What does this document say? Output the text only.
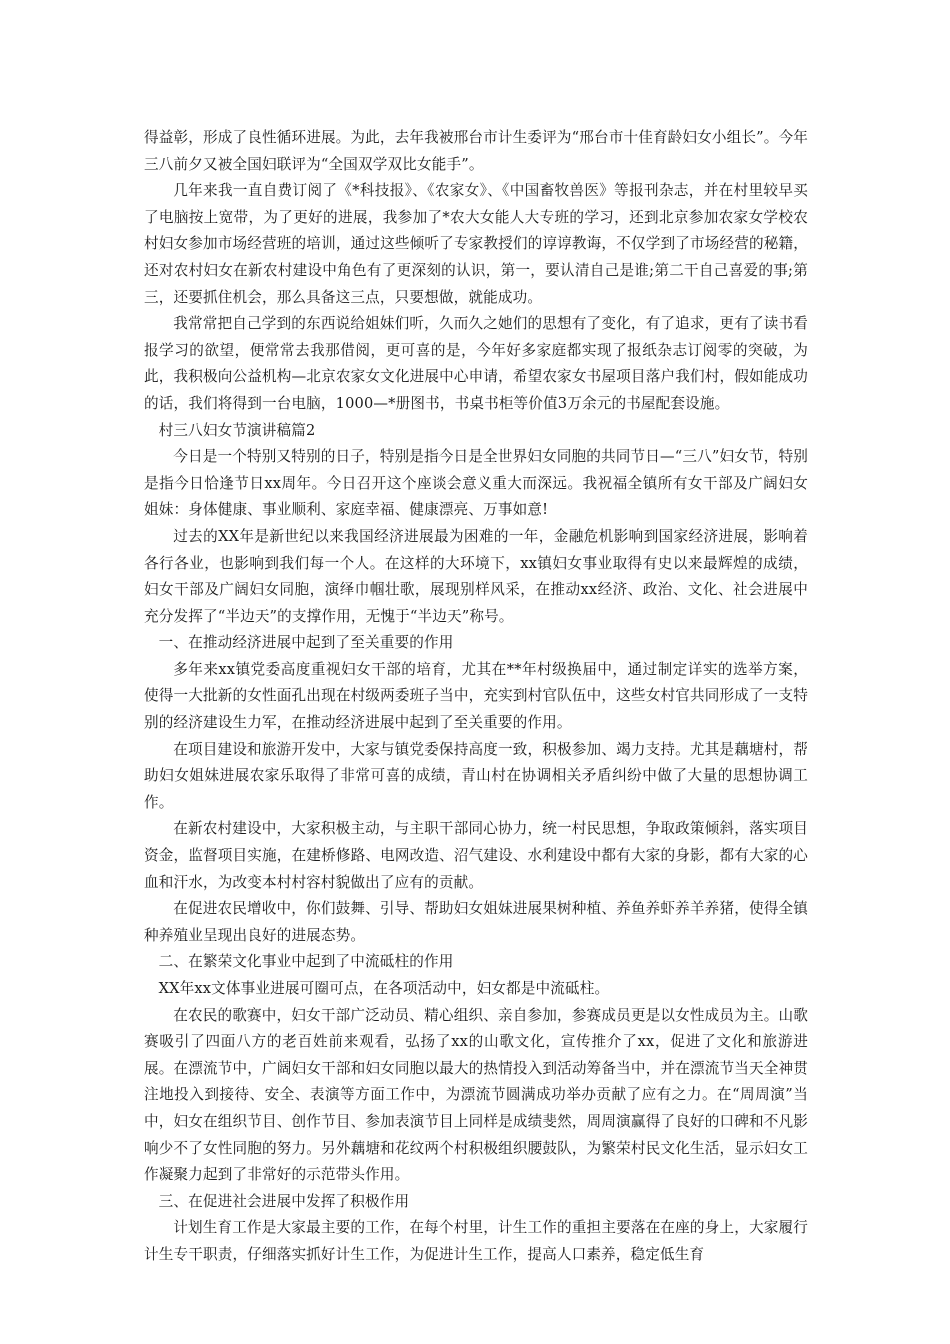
得益彰，形成了良性循环进展。为此，去年我被邢台市计生委评为“邢台市十佳育龄妇女小组长”。今年三八前夕又被全国妇联评为“全国双学双比女能手”。

几年来我一直自费订阅了《*科技报》、《农家女》、《中国畜牧兽医》等报刊杂志，并在村里较早买了电脑按上宽带，为了更好的进展，我参加了*农大女能人大专班的学习，还到北京参加农家女学校农村妇女参加市场经营班的培训，通过这些倾听了专家教授们的谆谆教诲，不仅学到了市场经营的秘籍，还对农村妇女在新农村建设中角色有了更深刻的认识，第一，要认清自己是谁;第二干自己喜爱的事;第三，还要抓住机会，那么具备这三点，只要想做，就能成功。

我常常把自己学到的东西说给姐妹们听，久而久之她们的思想有了变化，有了追求，更有了读书看报学习的欲望，便常常去我那借阅，更可喜的是，今年好多家庭都实现了报纸杂志订阅零的突破，为此，我积极向公益机构—北京农家女文化进展中心申请，希望农家女书屋项目落户我们村，假如能成功的话，我们将得到一台电脑，1000—*册图书，书桌书柜等价值3万余元的书屋配套设施。

村三八妇女节演讲稿篇2

今日是一个特别又特别的日子，特别是指今日是全世界妇女同胞的共同节日—“三八”妇女节，特别是指今日恰逢节日xx周年。今日召开这个座谈会意义重大而深远。我祝福全镇所有女干部及广阔妇女姐妹：身体健康、事业顺利、家庭幸福、健康漂亮、万事如意!

过去的XX年是新世纪以来我国经济进展最为困难的一年，金融危机影响到国家经济进展，影响着各行各业，也影响到我们每一个人。在这样的大环境下，xx镇妇女事业取得有史以来最辉煌的成绩，妇女干部及广阔妇女同胞，演绎巾帼壮歌，展现别样风采，在推动xx经济、政治、文化、社会进展中充分发挥了“半边天”的支撑作用，无愧于“半边天”称号。

一、在推动经济进展中起到了至关重要的作用

多年来xx镇党委高度重视妇女干部的培育，尤其在**年村级换届中，通过制定详实的选举方案，使得一大批新的女性面孔出现在村级两委班子当中，充实到村官队伍中，这些女村官共同形成了一支特别的经济建设生力军，在推动经济进展中起到了至关重要的作用。

在项目建设和旅游开发中，大家与镇党委保持高度一致，积极参加、竭力支持。尤其是藕塘村，帮助妇女姐妹进展农家乐取得了非常可喜的成绩，青山村在协调相关矛盾纠纷中做了大量的思想协调工作。

在新农村建设中，大家积极主动，与主职干部同心协力，统一村民思想，争取政策倾斜，落实项目资金，监督项目实施，在建桥修路、电网改造、沼气建设、水利建设中都有大家的身影，都有大家的心血和汗水，为改变本村村容村貌做出了应有的贡献。

在促进农民增收中，你们鼓舞、引导、帮助妇女姐妹进展果树种植、养鱼养虾养羊养猪，使得全镇种养殖业呈现出良好的进展态势。

二、在繁荣文化事业中起到了中流砥柱的作用

XX年xx文体事业进展可圈可点，在各项活动中，妇女都是中流砥柱。

在农民的歌赛中，妇女干部广泛动员、精心组织、亲自参加，参赛成员更是以女性成员为主。山歌赛吸引了四面八方的老百姓前来观看，弘扬了xx的山歌文化，宣传推介了xx，促进了文化和旅游进展。在漂流节中，广阔妇女干部和妇女同胞以最大的热情投入到活动筹备当中，并在漂流节当天全神贯注地投入到接待、安全、表演等方面工作中，为漂流节圆满成功举办贡献了应有之力。在“周周演”当中，妇女在组织节目、创作节目、参加表演节目上同样是成绩斐然，周周演赢得了良好的口碑和不凡影响少不了女性同胞的努力。另外藕塘和花纹两个村积极组织腰鼓队，为繁荣村民文化生活，显示妇女工作凝聚力起到了非常好的示范带头作用。

三、在促进社会进展中发挥了积极作用

计划生育工作是大家最主要的工作，在每个村里，计生工作的重担主要落在在座的身上，大家履行计生专干职责，仔细落实抓好计生工作，为促进计生工作，提高人口素养，稳定低生育
